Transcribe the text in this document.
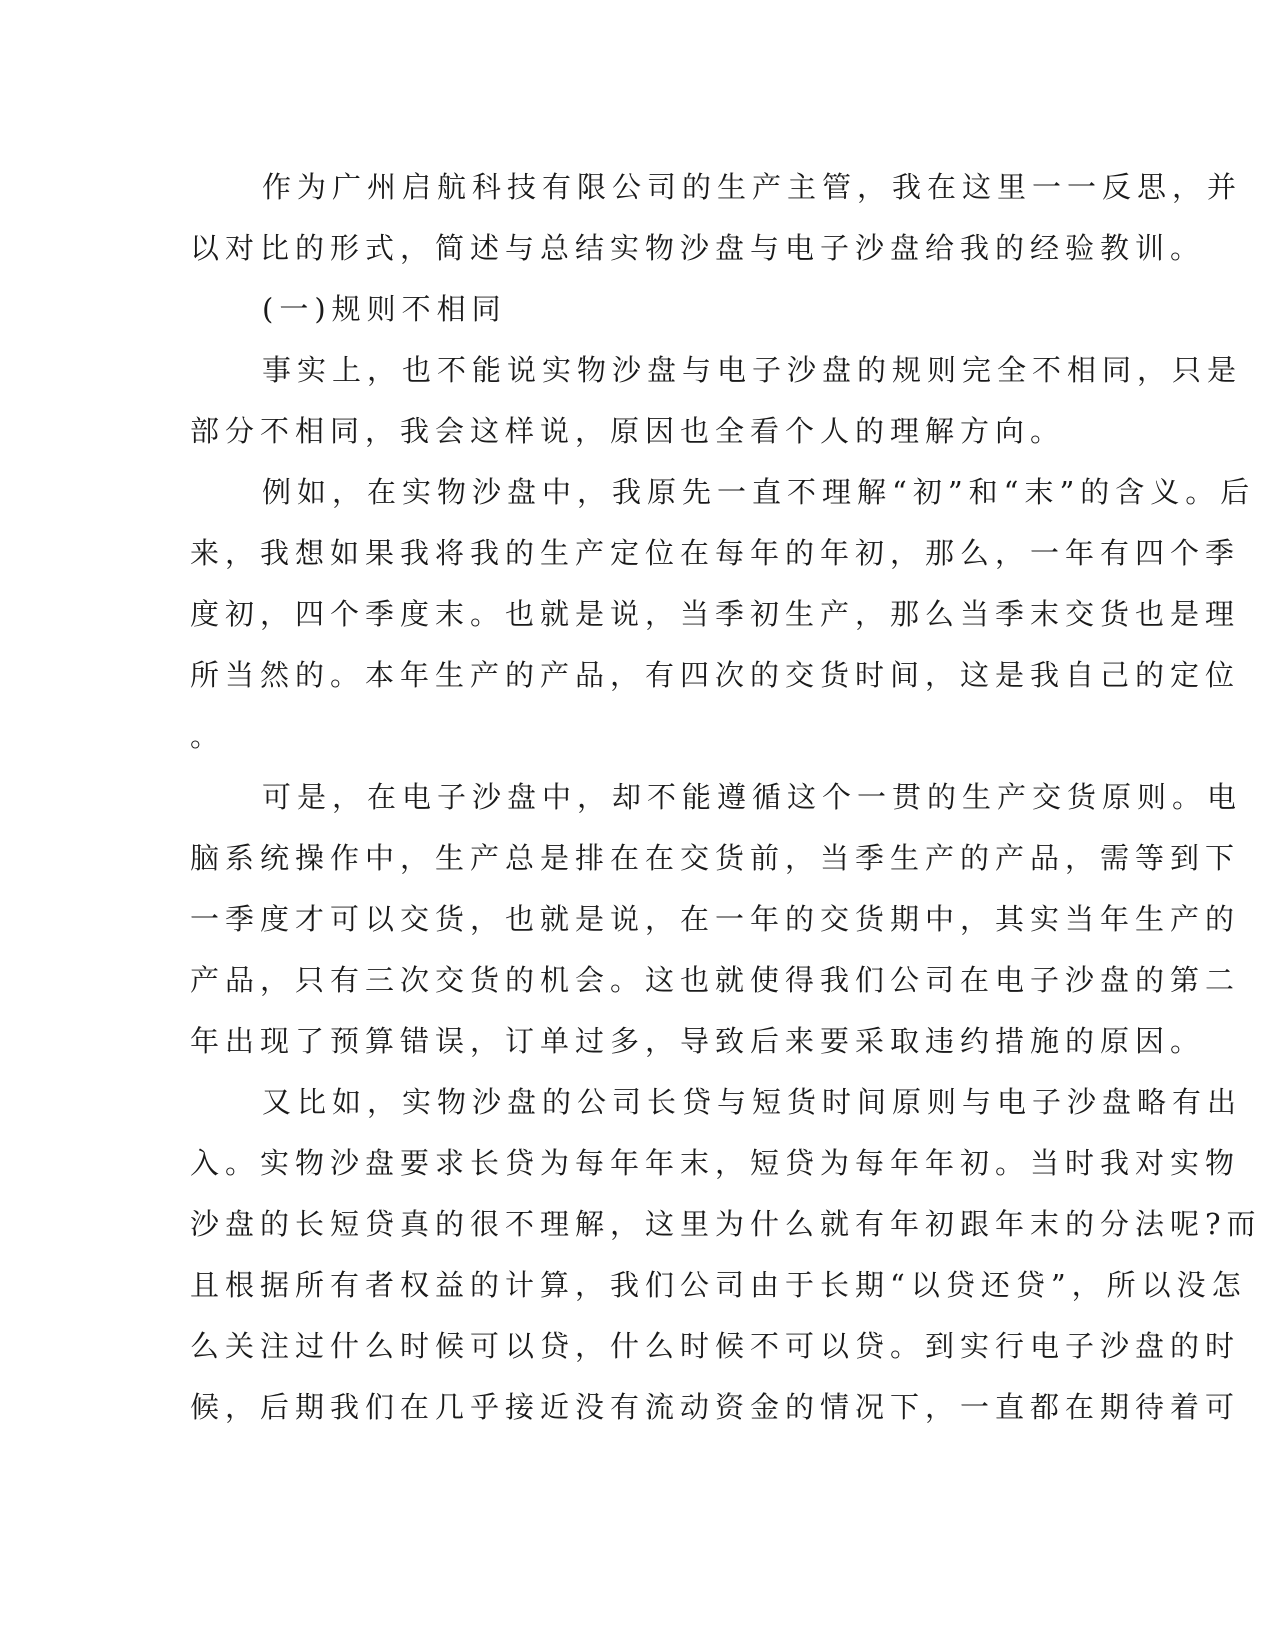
作为广州启航科技有限公司的生产主管，我在这里一一反思，并
以对比的形式，简述与总结实物沙盘与电子沙盘给我的经验教训。
(一)规则不相同
事实上，也不能说实物沙盘与电子沙盘的规则完全不相同，只是
部分不相同，我会这样说，原因也全看个人的理解方向。
例如，在实物沙盘中，我原先一直不理解“初”和“末”的含义。后
来，我想如果我将我的生产定位在每年的年初，那么，一年有四个季
度初，四个季度末。也就是说，当季初生产，那么当季末交货也是理
所当然的。本年生产的产品，有四次的交货时间，这是我自己的定位
。
可是，在电子沙盘中，却不能遵循这个一贯的生产交货原则。电
脑系统操作中，生产总是排在在交货前，当季生产的产品，需等到下
一季度才可以交货，也就是说，在一年的交货期中，其实当年生产的
产品，只有三次交货的机会。这也就使得我们公司在电子沙盘的第二
年出现了预算错误，订单过多，导致后来要采取违约措施的原因。
又比如，实物沙盘的公司长贷与短货时间原则与电子沙盘略有出
入。实物沙盘要求长贷为每年年末，短贷为每年年初。当时我对实物
沙盘的长短贷真的很不理解，这里为什么就有年初跟年末的分法呢?而
且根据所有者权益的计算，我们公司由于长期“以贷还贷”，所以没怎
么关注过什么时候可以贷，什么时候不可以贷。到实行电子沙盘的时
候，后期我们在几乎接近没有流动资金的情况下，一直都在期待着可
